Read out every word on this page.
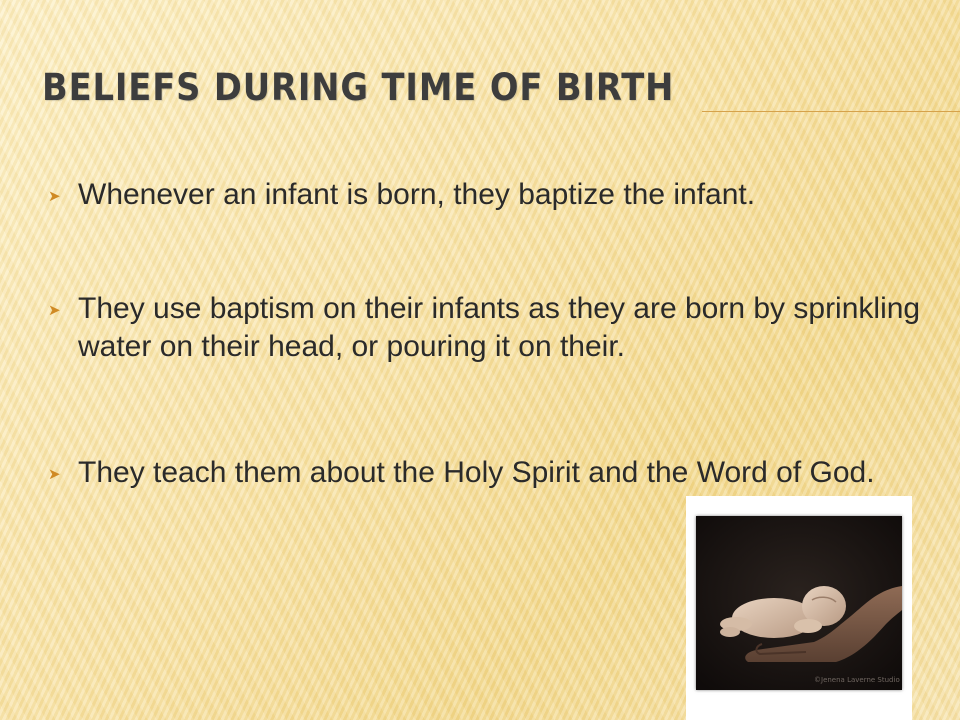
BELIEFS DURING TIME OF BIRTH
➤ Whenever an infant is born, they baptize the infant.
➤ They use baptism on their infants as they are born by sprinkling water on their head, or pouring it on their.
➤ They teach them about the Holy Spirit and the Word of God.
©Jenena Laverne Studio
